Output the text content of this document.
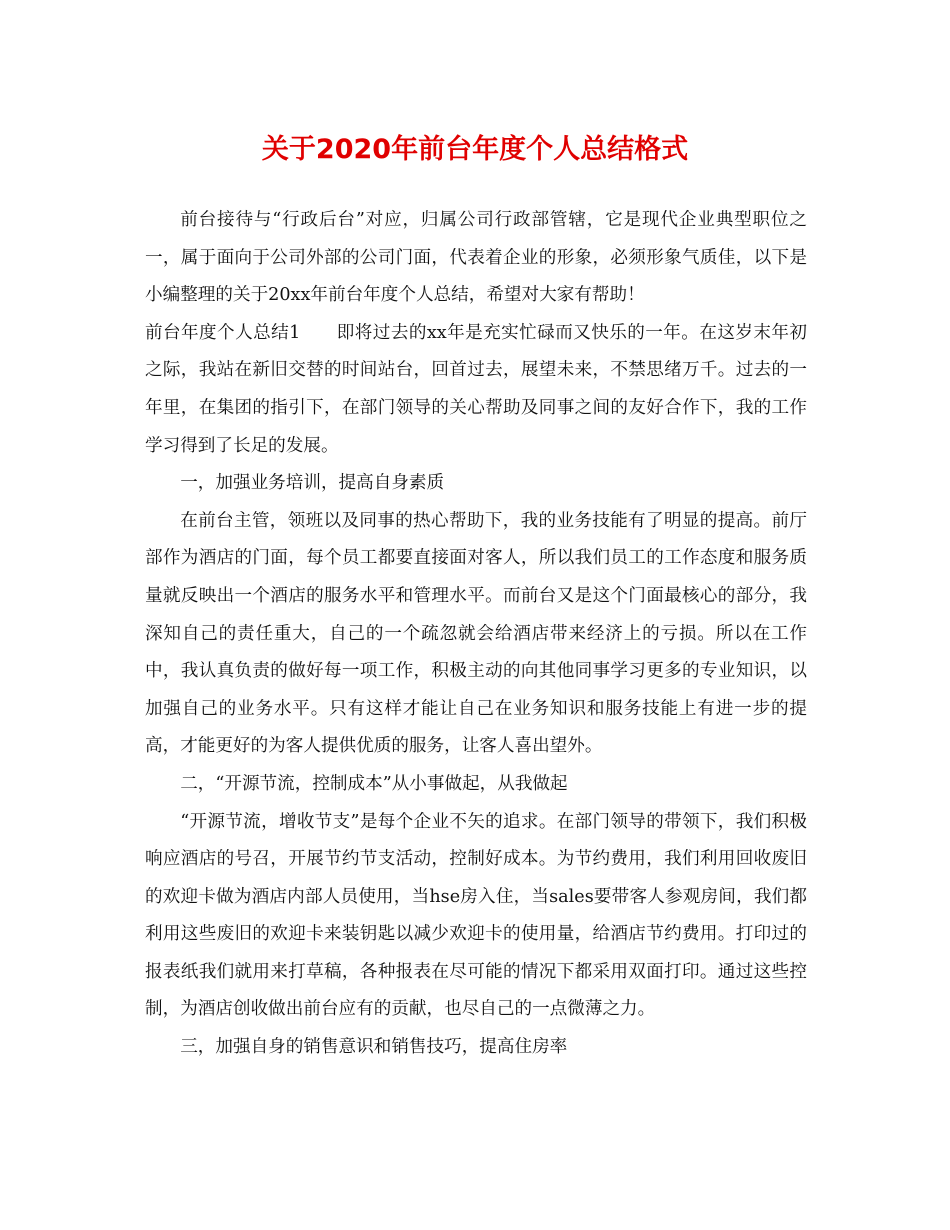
关于2020年前台年度个人总结格式

前台接待与“行政后台”对应，归属公司行政部管辖，它是现代企业典型职位之一，属于面向于公司外部的公司门面，代表着企业的形象，必须形象气质佳，以下是小编整理的关于20xx年前台年度个人总结，希望对大家有帮助！

前台年度个人总结1　　即将过去的xx年是充实忙碌而又快乐的一年。在这岁末年初之际，我站在新旧交替的时间站台，回首过去，展望未来，不禁思绪万千。过去的一年里，在集团的指引下，在部门领导的关心帮助及同事之间的友好合作下，我的工作学习得到了长足的发展。

一，加强业务培训，提高自身素质

在前台主管，领班以及同事的热心帮助下，我的业务技能有了明显的提高。前厅部作为酒店的门面，每个员工都要直接面对客人，所以我们员工的工作态度和服务质量就反映出一个酒店的服务水平和管理水平。而前台又是这个门面最核心的部分，我深知自己的责任重大，自己的一个疏忽就会给酒店带来经济上的亏损。所以在工作中，我认真负责的做好每一项工作，积极主动的向其他同事学习更多的专业知识，以加强自己的业务水平。只有这样才能让自己在业务知识和服务技能上有进一步的提高，才能更好的为客人提供优质的服务，让客人喜出望外。

二，“开源节流，控制成本”从小事做起，从我做起

“开源节流，增收节支”是每个企业不矢的追求。在部门领导的带领下，我们积极响应酒店的号召，开展节约节支活动，控制好成本。为节约费用，我们利用回收废旧的欢迎卡做为酒店内部人员使用，当hse房入住，当sales要带客人参观房间，我们都利用这些废旧的欢迎卡来装钥匙以减少欢迎卡的使用量，给酒店节约费用。打印过的报表纸我们就用来打草稿，各种报表在尽可能的情况下都采用双面打印。通过这些控制，为酒店创收做出前台应有的贡献，也尽自己的一点微薄之力。

三，加强自身的销售意识和销售技巧，提高住房率
